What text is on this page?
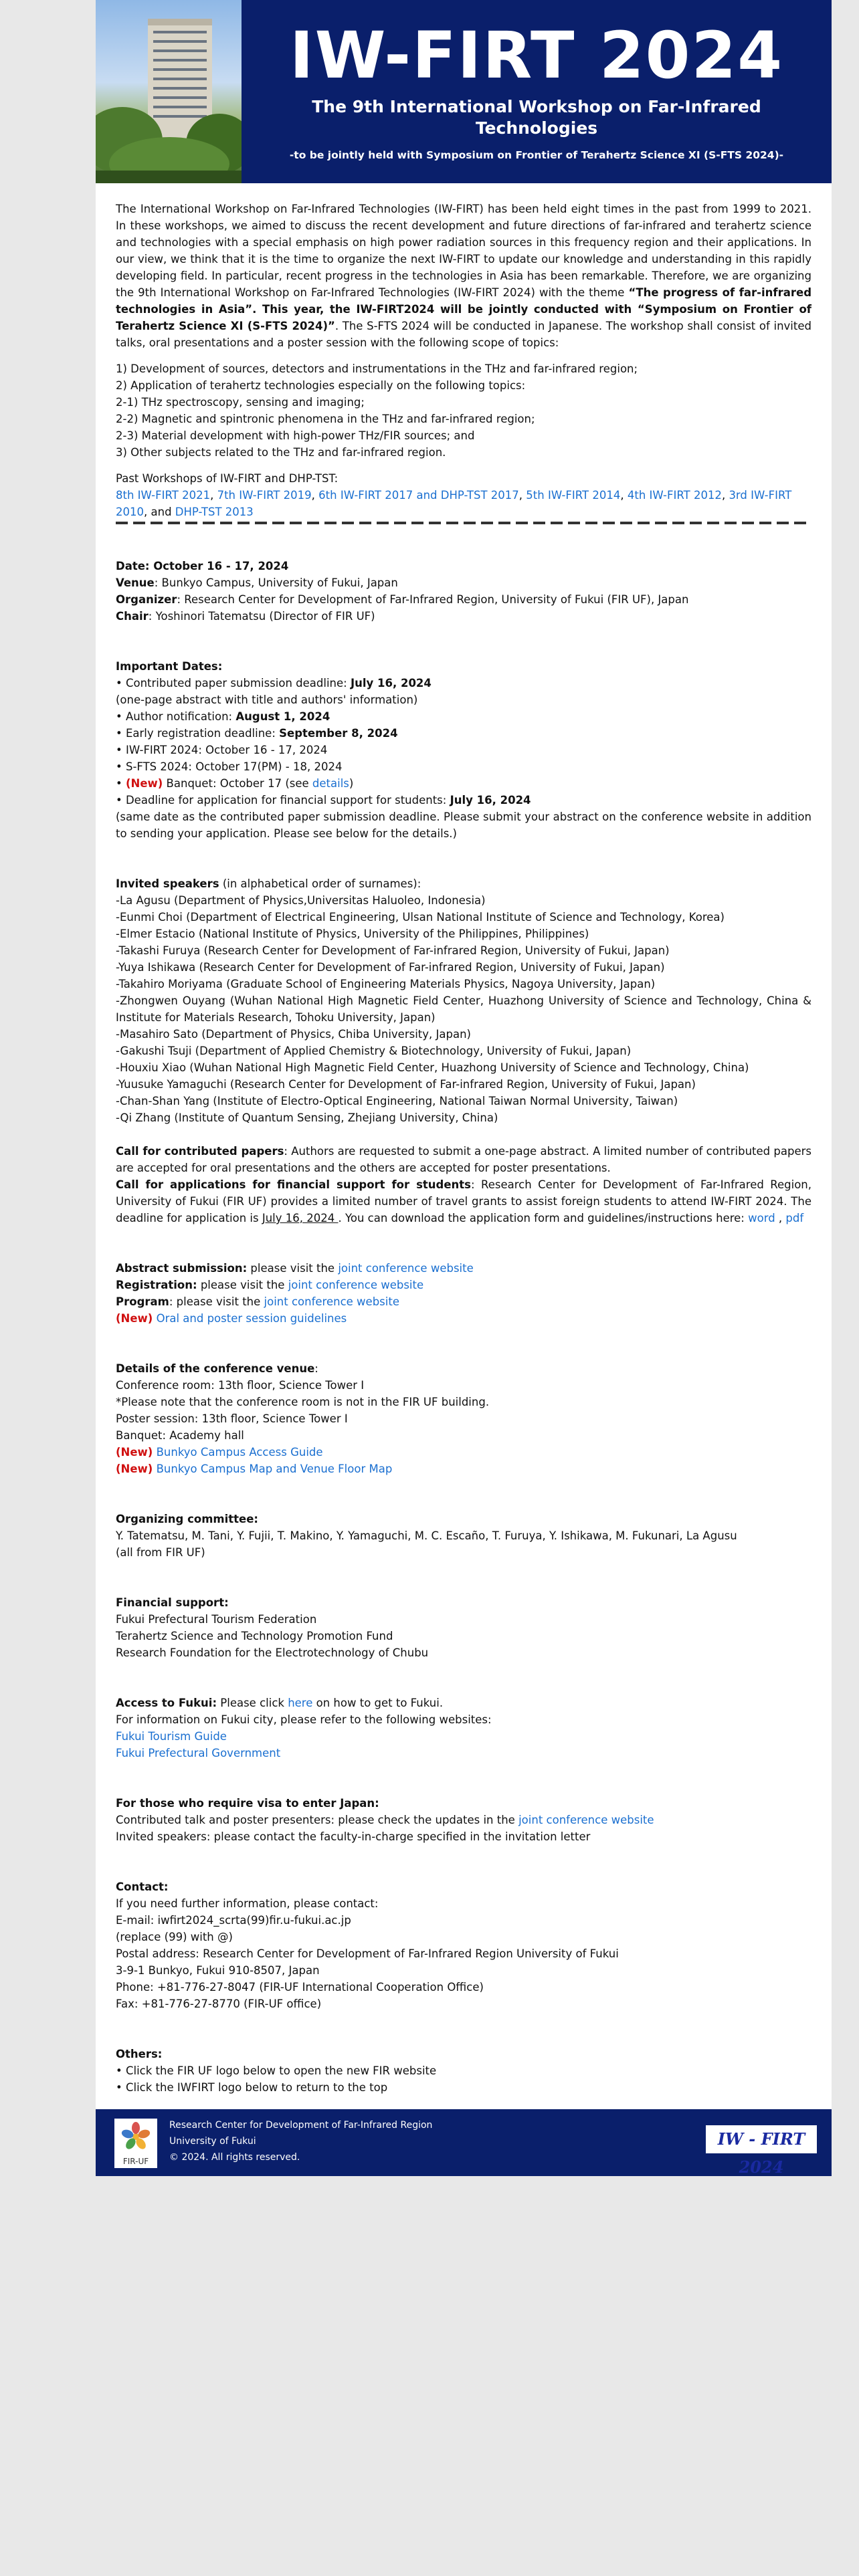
IW-FIRT 2024
The 9th International Workshop on Far-Infrared Technologies
-to be jointly held with Symposium on Frontier of Terahertz Science XI (S-FTS 2024)-

The International Workshop on Far-Infrared Technologies (IW-FIRT) has been held eight times in the past from 1999 to 2021. In these workshops, we aimed to discuss the recent development and future directions of far-infrared and terahertz science and technologies with a special emphasis on high power radiation sources in this frequency region and their applications. In our view, we think that it is the time to organize the next IW-FIRT to update our knowledge and understanding in this rapidly developing field. In particular, recent progress in the technologies in Asia has been remarkable. Therefore, we are organizing the 9th International Workshop on Far-Infrared Technologies (IW-FIRT 2024) with the theme “The progress of far-infrared technologies in Asia”. This year, the IW-FIRT2024 will be jointly conducted with “Symposium on Frontier of Terahertz Science XI (S-FTS 2024)”. The S-FTS 2024 will be conducted in Japanese. The workshop shall consist of invited talks, oral presentations and a poster session with the following scope of topics:

1) Development of sources, detectors and instrumentations in the THz and far-infrared region;

2) Application of terahertz technologies especially on the following topics:

2-1) THz spectroscopy, sensing and imaging;

2-2) Magnetic and spintronic phenomena in the THz and far-infrared region;

2-3) Material development with high-power THz/FIR sources; and

3) Other subjects related to the THz and far-infrared region.

Past Workshops of IW-FIRT and DHP-TST:

8th IW-FIRT 2021, 7th IW-FIRT 2019, 6th IW-FIRT 2017 and DHP-TST 2017, 5th IW-FIRT 2014, 4th IW-FIRT 2012, 3rd IW-FIRT 2010, and DHP-TST 2013

Date: October 16 - 17, 2024

Venue: Bunkyo Campus, University of Fukui, Japan

Organizer: Research Center for Development of Far-Infrared Region, University of Fukui (FIR UF), Japan

Chair: Yoshinori Tatematsu (Director of FIR UF)

Important Dates:

• Contributed paper submission deadline: July 16, 2024

(one-page abstract with title and authors' information)

• Author notification: August 1, 2024

• Early registration deadline: September 8, 2024

• IW-FIRT 2024: October 16 - 17, 2024

• S-FTS 2024: October 17(PM) - 18, 2024

• (New) Banquet: October 17 (see details)

• Deadline for application for financial support for students: July 16, 2024

(same date as the contributed paper submission deadline. Please submit your abstract on the conference website in addition to sending your application. Please see below for the details.)

Invited speakers (in alphabetical order of surnames):

-La Agusu (Department of Physics,Universitas Haluoleo, Indonesia)

-Eunmi Choi (Department of Electrical Engineering, Ulsan National Institute of Science and Technology, Korea)

-Elmer Estacio (National Institute of Physics, University of the Philippines, Philippines)

-Takashi Furuya (Research Center for Development of Far-infrared Region, University of Fukui, Japan)

-Yuya Ishikawa (Research Center for Development of Far-infrared Region, University of Fukui, Japan)

-Takahiro Moriyama (Graduate School of Engineering Materials Physics, Nagoya University, Japan)

-Zhongwen Ouyang (Wuhan National High Magnetic Field Center, Huazhong University of Science and Technology, China & Institute for Materials Research, Tohoku University, Japan)

-Masahiro Sato (Department of Physics, Chiba University, Japan)

-Gakushi Tsuji (Department of Applied Chemistry & Biotechnology, University of Fukui, Japan)

-Houxiu Xiao (Wuhan National High Magnetic Field Center, Huazhong University of Science and Technology, China)

-Yuusuke Yamaguchi (Research Center for Development of Far-infrared Region, University of Fukui, Japan)

-Chan-Shan Yang (Institute of Electro-Optical Engineering, National Taiwan Normal University, Taiwan)

-Qi Zhang (Institute of Quantum Sensing, Zhejiang University, China)

Call for contributed papers: Authors are requested to submit a one-page abstract. A limited number of contributed papers are accepted for oral presentations and the others are accepted for poster presentations.

Call for applications for financial support for students: Research Center for Development of Far-Infrared Region, University of Fukui (FIR UF) provides a limited number of travel grants to assist foreign students to attend IW-FIRT 2024. The deadline for application is July 16, 2024 . You can download the application form and guidelines/instructions here: word , pdf

Abstract submission: please visit the joint conference website

Registration: please visit the joint conference website

Program: please visit the joint conference website

(New) Oral and poster session guidelines

Details of the conference venue:

Conference room: 13th floor, Science Tower I

*Please note that the conference room is not in the FIR UF building.

Poster session: 13th floor, Science Tower I

Banquet: Academy hall

(New) Bunkyo Campus Access Guide

(New) Bunkyo Campus Map and Venue Floor Map

Organizing committee:

Y. Tatematsu, M. Tani, Y. Fujii, T. Makino, Y. Yamaguchi, M. C. Escaño, T. Furuya, Y. Ishikawa, M. Fukunari, La Agusu

(all from FIR UF)

Financial support:

Fukui Prefectural Tourism Federation

Terahertz Science and Technology Promotion Fund

Research Foundation for the Electrotechnology of Chubu

Access to Fukui: Please click here on how to get to Fukui.

For information on Fukui city, please refer to the following websites:

Fukui Tourism Guide

Fukui Prefectural Government

For those who require visa to enter Japan:

Contributed talk and poster presenters: please check the updates in the joint conference website

Invited speakers: please contact the faculty-in-charge specified in the invitation letter

Contact:

If you need further information, please contact:

E-mail: iwfirt2024_scrta(99)fir.u-fukui.ac.jp

(replace (99) with @)

Postal address: Research Center for Development of Far-Infrared Region University of Fukui

3-9-1 Bunkyo, Fukui 910-8507, Japan

Phone: +81-776-27-8047 (FIR-UF International Cooperation Office)

Fax: +81-776-27-8770 (FIR-UF office)

Others:

• Click the FIR UF logo below to open the new FIR website

• Click the IWFIRT logo below to return to the top

FIR-UF
Research Center for Development of Far-Infrared Region
University of Fukui
© 2024. All rights reserved.
IW - FIRT 2024
